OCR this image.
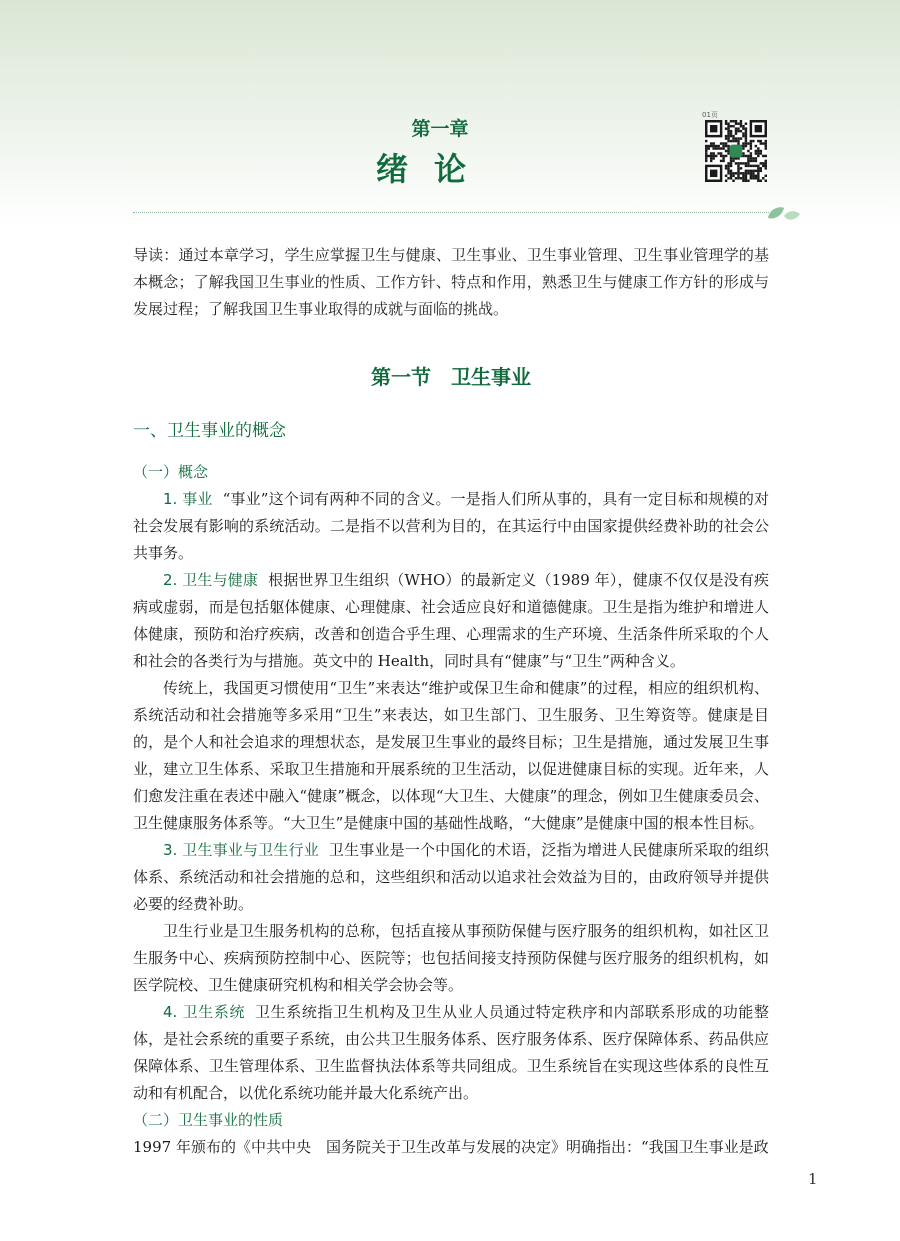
第一章
绪论
01页

导读：通过本章学习，学生应掌握卫生与健康、卫生事业、卫生事业管理、卫生事业管理学的基本概念；了解我国卫生事业的性质、工作方针、特点和作用，熟悉卫生与健康工作方针的形成与发展过程；了解我国卫生事业取得的成就与面临的挑战。

第一节　卫生事业
一、卫生事业的概念
（一）概念

1. 事业 “事业”这个词有两种不同的含义。一是指人们所从事的，具有一定目标和规模的对社会发展有影响的系统活动。二是指不以营利为目的，在其运行中由国家提供经费补助的社会公共事务。

2. 卫生与健康 根据世界卫生组织（WHO）的最新定义（1989 年），健康不仅仅是没有疾病或虚弱，而是包括躯体健康、心理健康、社会适应良好和道德健康。卫生是指为维护和增进人体健康，预防和治疗疾病，改善和创造合乎生理、心理需求的生产环境、生活条件所采取的个人和社会的各类行为与措施。英文中的 Health，同时具有“健康”与“卫生”两种含义。

传统上，我国更习惯使用“卫生”来表达“维护或保卫生命和健康”的过程，相应的组织机构、系统活动和社会措施等多采用“卫生”来表达，如卫生部门、卫生服务、卫生筹资等。健康是目的，是个人和社会追求的理想状态，是发展卫生事业的最终目标；卫生是措施，通过发展卫生事业，建立卫生体系、采取卫生措施和开展系统的卫生活动，以促进健康目标的实现。近年来，人们愈发注重在表述中融入“健康”概念，以体现“大卫生、大健康”的理念，例如卫生健康委员会、卫生健康服务体系等。“大卫生”是健康中国的基础性战略，“大健康”是健康中国的根本性目标。

3. 卫生事业与卫生行业 卫生事业是一个中国化的术语，泛指为增进人民健康所采取的组织体系、系统活动和社会措施的总和，这些组织和活动以追求社会效益为目的，由政府领导并提供必要的经费补助。

卫生行业是卫生服务机构的总称，包括直接从事预防保健与医疗服务的组织机构，如社区卫生服务中心、疾病预防控制中心、医院等；也包括间接支持预防保健与医疗服务的组织机构，如医学院校、卫生健康研究机构和相关学会协会等。

4. 卫生系统 卫生系统指卫生机构及卫生从业人员通过特定秩序和内部联系形成的功能整体，是社会系统的重要子系统，由公共卫生服务体系、医疗服务体系、医疗保障体系、药品供应保障体系、卫生管理体系、卫生监督执法体系等共同组成。卫生系统旨在实现这些体系的良性互动和有机配合，以优化系统功能并最大化系统产出。

（二）卫生事业的性质

1997 年颁布的《中共中央　国务院关于卫生改革与发展的决定》明确指出：“我国卫生事业是政

1
